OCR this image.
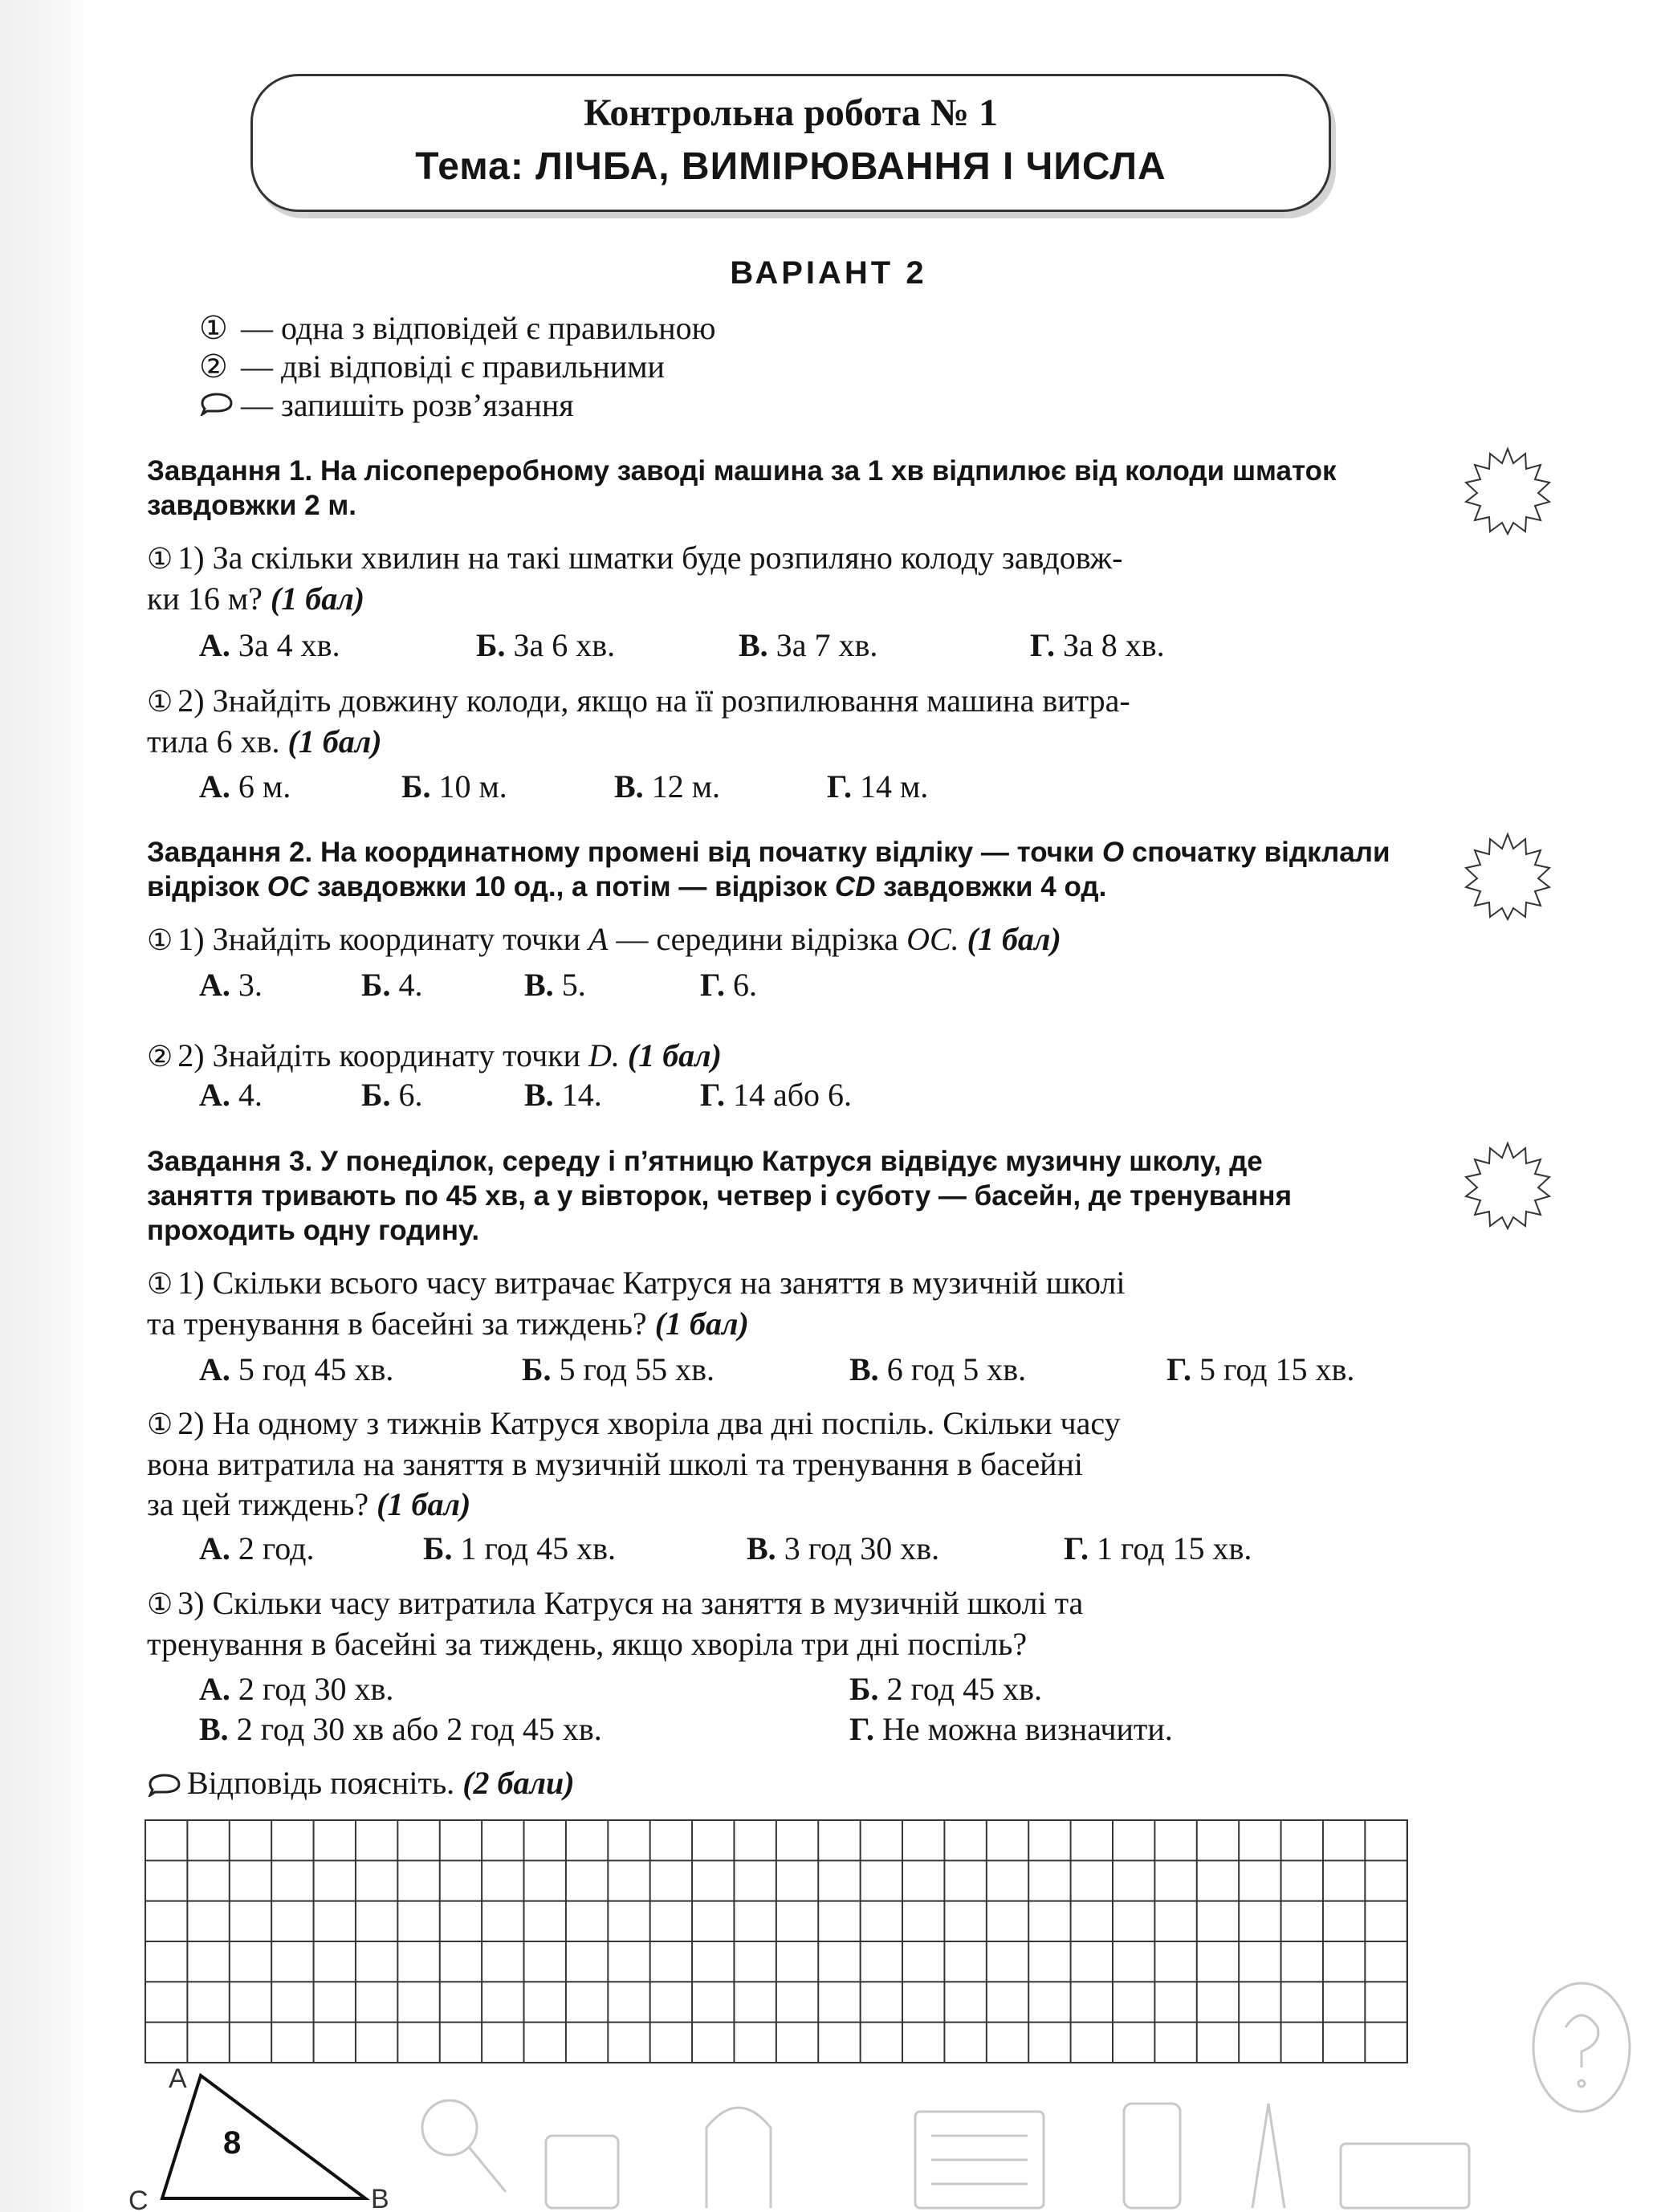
Контрольна робота № 1
Тема: ЛІЧБА, ВИМІРЮВАННЯ І ЧИСЛА
ВАРІАНТ 2
① — одна з відповідей є правильною
② — дві відповіді є правильними
— запишіть розв’язання
Завдання 1. На лісопереробному заводі машина за 1 хв відпилює від колоди шматок завдовжки 2 м.
① 1) За скільки хвилин на такі шматки буде розпиляно колоду завдовж-
ки 16 м? (1 бал)
А. За 4 хв.	Б. За 6 хв.	В. За 7 хв.	Г. За 8 хв.
① 2) Знайдіть довжину колоди, якщо на її розпилювання машина витра-
тила 6 хв. (1 бал)
А. 6 м.	Б. 10 м.	В. 12 м.	Г. 14 м.
Завдання 2. На координатному промені від початку відліку — точки O спочатку відклали відрізок OC завдовжки 10 од., а потім — відрізок CD завдовжки 4 од.
① 1) Знайдіть координату точки A — середини відрізка OC. (1 бал)
А. 3.	Б. 4.	В. 5.	Г. 6.
② 2) Знайдіть координату точки D. (1 бал)
А. 4.	Б. 6.	В. 14.	Г. 14 або 6.
Завдання 3. У понеділок, середу і п’ятницю Катруся відвідує музичну школу, де
заняття тривають по 45 хв, а у вівторок, четвер і суботу — басейн, де тренування
проходить одну годину.
① 1) Скільки всього часу витрачає Катруся на заняття в музичній школі
та тренування в басейні за тиждень? (1 бал)
А. 5 год 45 хв.	Б. 5 год 55 хв.	В. 6 год 5 хв.	Г. 5 год 15 хв.
① 2) На одному з тижнів Катруся хворіла два дні поспіль. Скільки часу
вона витратила на заняття в музичній школі та тренування в басейні
за цей тиждень? (1 бал)
А. 2 год.	Б. 1 год 45 хв.	В. 3 год 30 хв.	Г. 1 год 15 хв.
① 3) Скільки часу витратила Катруся на заняття в музичній школі та
тренування в басейні за тиждень, якщо хворіла три дні поспіль?
А. 2 год 30 хв.	Б. 2 год 45 хв.
В. 2 год 30 хв або 2 год 45 хв.	Г. Не можна визначити.
Відповідь поясніть. (2 бали)
8
A
B
C
